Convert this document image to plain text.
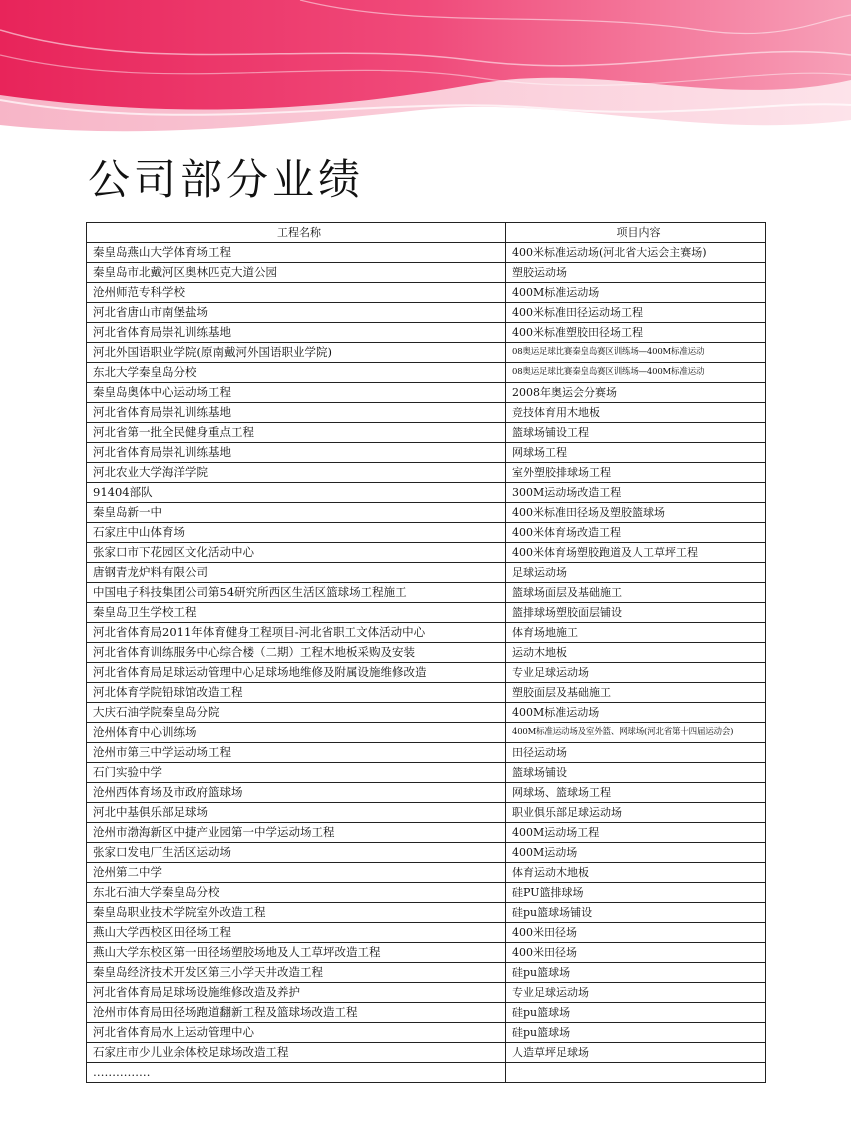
公司部分业绩
工程名称	项目内容
秦皇岛燕山大学体育场工程	400米标准运动场(河北省大运会主赛场)
秦皇岛市北戴河区奥林匹克大道公园	塑胶运动场
沧州师范专科学校	400M标准运动场
河北省唐山市南堡盐场	400米标准田径运动场工程
河北省体育局崇礼训练基地	400米标准塑胶田径场工程
河北外国语职业学院(原南戴河外国语职业学院)	08奥运足球比赛秦皇岛赛区训练场—400M标准运动
东北大学秦皇岛分校	08奥运足球比赛秦皇岛赛区训练场—400M标准运动
秦皇岛奥体中心运动场工程	2008年奥运会分赛场
河北省体育局崇礼训练基地	竞技体育用木地板
河北省第一批全民健身重点工程	篮球场铺设工程
河北省体育局崇礼训练基地	网球场工程
河北农业大学海洋学院	室外塑胶排球场工程
91404部队	300M运动场改造工程
秦皇岛新一中	400米标准田径场及塑胶篮球场
石家庄中山体育场	400米体育场改造工程
张家口市下花园区文化活动中心	400米体育场塑胶跑道及人工草坪工程
唐钢青龙炉料有限公司	足球运动场
中国电子科技集团公司第54研究所西区生活区篮球场工程施工	篮球场面层及基础施工
秦皇岛卫生学校工程	篮排球场塑胶面层铺设
河北省体育局2011年体育健身工程项目-河北省职工文体活动中心	体育场地施工
河北省体育训练服务中心综合楼（二期）工程木地板采购及安装	运动木地板
河北省体育局足球运动管理中心足球场地维修及附属设施维修改造	专业足球运动场
河北体育学院铅球馆改造工程	塑胶面层及基础施工
大庆石油学院秦皇岛分院	400M标准运动场
沧州体育中心训练场	400M标准运动场及室外篮、网球场(河北省第十四届运动会)
沧州市第三中学运动场工程	田径运动场
石门实验中学	篮球场铺设
沧州西体育场及市政府篮球场	网球场、篮球场工程
河北中基俱乐部足球场	职业俱乐部足球运动场
沧州市渤海新区中捷产业园第一中学运动场工程	400M运动场工程
张家口发电厂生活区运动场	400M运动场
沧州第二中学	体育运动木地板
东北石油大学秦皇岛分校	硅PU篮排球场
秦皇岛职业技术学院室外改造工程	硅pu篮球场铺设
燕山大学西校区田径场工程	400米田径场
燕山大学东校区第一田径场塑胶场地及人工草坪改造工程	400米田径场
秦皇岛经济技术开发区第三小学天井改造工程	硅pu篮球场
河北省体育局足球场设施维修改造及养护	专业足球运动场
沧州市体育局田径场跑道翻新工程及篮球场改造工程	硅pu篮球场
河北省体育局水上运动管理中心	硅pu篮球场
石家庄市少儿业余体校足球场改造工程	人造草坪足球场
……………	
